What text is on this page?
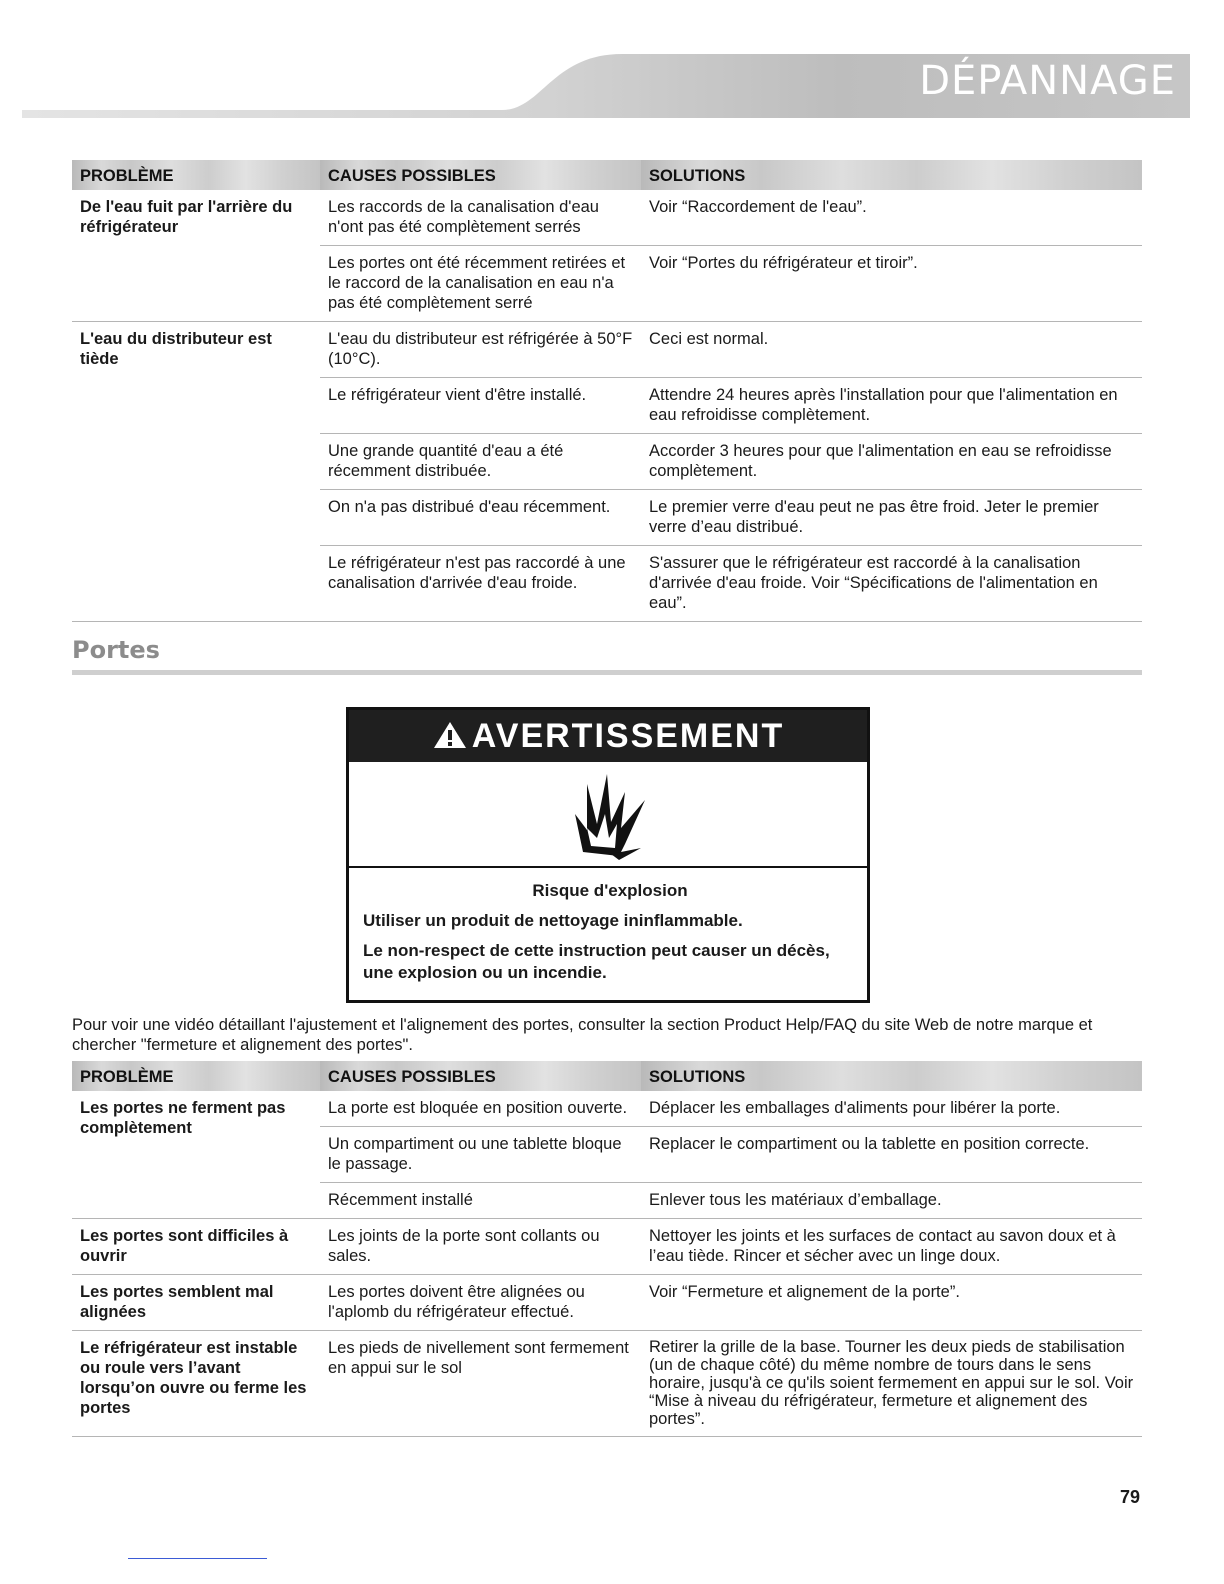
DÉPANNAGE
PROBLÈME	CAUSES POSSIBLES	SOLUTIONS
De l'eau fuit par l'arrière du réfrigérateur	Les raccords de la canalisation d'eau n'ont pas été complètement serrés	Voir “Raccordement de l'eau”.
	Les portes ont été récemment retirées et le raccord de la canalisation en eau n'a pas été complètement serré	Voir “Portes du réfrigérateur et tiroir”.
L'eau du distributeur est tiède	L'eau du distributeur est réfrigérée à 50°F (10°C).	Ceci est normal.
	Le réfrigérateur vient d'être installé.	Attendre 24 heures après l'installation pour que l'alimentation en eau refroidisse complètement.
	Une grande quantité d'eau a été récemment distribuée.	Accorder 3 heures pour que l'alimentation en eau se refroidisse complètement.
	On n'a pas distribué d'eau récemment.	Le premier verre d'eau peut ne pas être froid. Jeter le premier verre d’eau distribué.
	Le réfrigérateur n'est pas raccordé à une canalisation d'arrivée d'eau froide.	S'assurer que le réfrigérateur est raccordé à la canalisation d'arrivée d'eau froide. Voir “Spécifications de l'alimentation en eau”.
Portes
AVERTISSEMENT

Risque d'explosion

Utiliser un produit de nettoyage ininflammable.

Le non-respect de cette instruction peut causer un décès, une explosion ou un incendie.

Pour voir une vidéo détaillant l'ajustement et l'alignement des portes, consulter la section Product Help/FAQ du site Web de notre marque et chercher "fermeture et alignement des portes".
PROBLÈME	CAUSES POSSIBLES	SOLUTIONS
Les portes ne ferment pas complètement	La porte est bloquée en position ouverte.	Déplacer les emballages d'aliments pour libérer la porte.
	Un compartiment ou une tablette bloque le passage.	Replacer le compartiment ou la tablette en position correcte.
	Récemment installé	Enlever tous les matériaux d’emballage.
Les portes sont difficiles à ouvrir	Les joints de la porte sont collants ou sales.	Nettoyer les joints et les surfaces de contact au savon doux et à l’eau tiède. Rincer et sécher avec un linge doux.
Les portes semblent mal alignées	Les portes doivent être alignées ou l'aplomb du réfrigérateur effectué.	Voir “Fermeture et alignement de la porte”.
Le réfrigérateur est instable ou roule vers l’avant lorsqu’on ouvre ou ferme les portes	Les pieds de nivellement sont fermement en appui sur le sol	Retirer la grille de la base. Tourner les deux pieds de stabilisation (un de chaque côté) du même nombre de tours dans le sens horaire, jusqu'à ce qu'ils soient fermement en appui sur le sol. Voir “Mise à niveau du réfrigérateur, fermeture et alignement des portes”.
79
